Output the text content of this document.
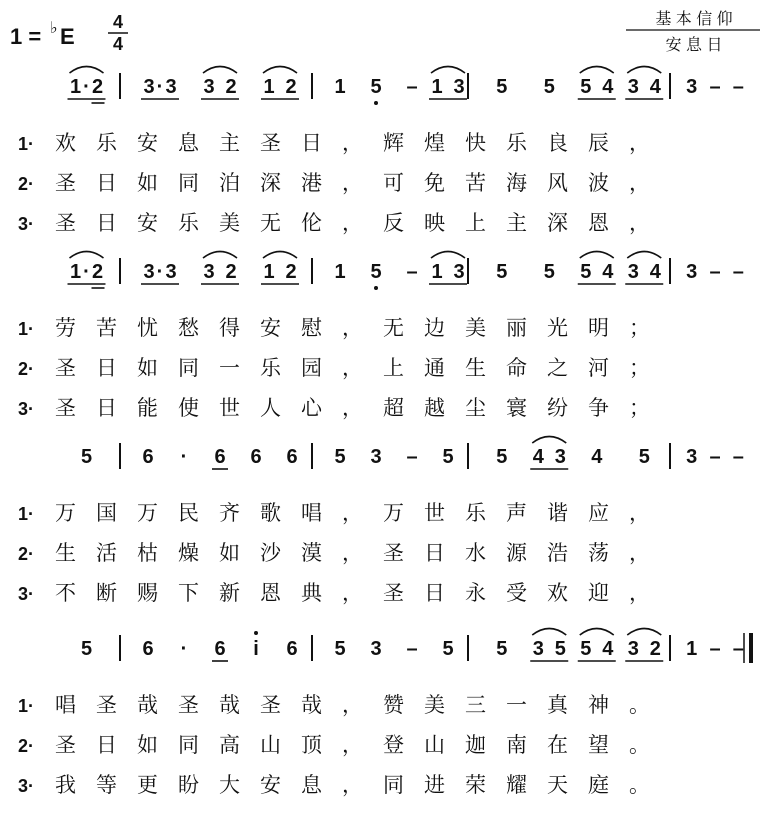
1 = ♭ E
4
4
基 本 信 仰
安 息 日
1 · 2 3 · 3 3 2 1 2 1 5 – 1 3 5 5 5 4 3 4 3 – –
1· 欢乐安息主圣日，辉煌快乐良辰，
2· 圣日如同泊深港，可免苦海风波，
3· 圣日安乐美无伦，反映上主深恩，
1 · 2 3 · 3 3 2 1 2 1 5 – 1 3 5 5 5 4 3 4 3 – –
1· 劳苦忧愁得安慰，无边美丽光明；
2· 圣日如同一乐园，上通生命之河；
3· 圣日能使世人心，超越尘寰纷争；
5	6 · 6 6 6 5 3 – 5 5 4 3 4 5 3 – –
1· 万国万民齐歌唱，万世乐声谐应，
2· 生活枯燥如沙漠，圣日水源浩荡，
3· 不断赐下新恩典，圣日永受欢迎，
5	6 · 6 i 6 5 3 – 5 5 3 5 5 4 3 2 1 – –
1· 唱圣哉圣哉圣哉，赞美三一真神。
2· 圣日如同高山顶，登山迦南在望。
3· 我等更盼大安息，同进荣耀天庭。
